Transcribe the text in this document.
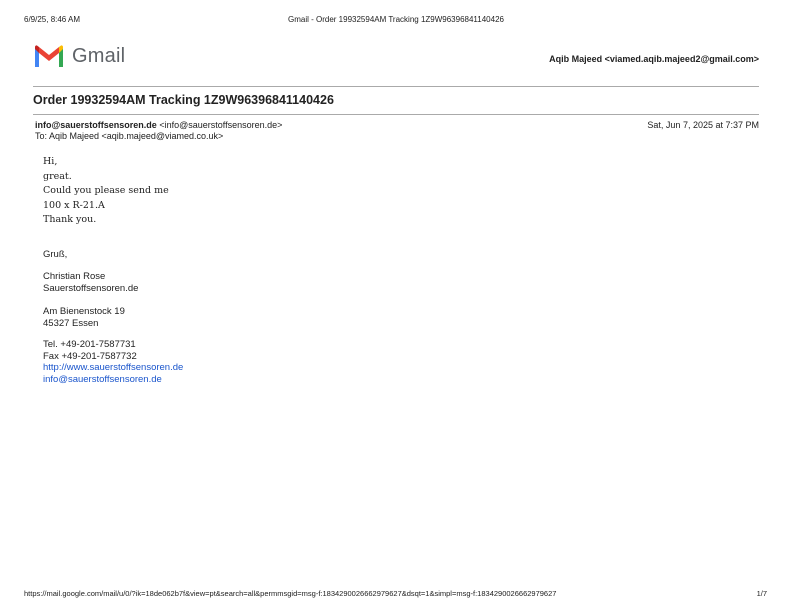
6/9/25, 8:46 AM	Gmail - Order 19932594AM Tracking 1Z9W96396841140426
Gmail	Aqib Majeed <viamed.aqib.majeed2@gmail.com>
Order 19932594AM Tracking 1Z9W96396841140426
info@sauerstoffsensoren.de <info@sauerstoffsensoren.de>	Sat, Jun 7, 2025 at 7:37 PM
To: Aqib Majeed <aqib.majeed@viamed.co.uk>
Hi,
great.
Could you please send me
100 x R-21.A
Thank you.
Gruß,
Christian Rose
Sauerstoffsensoren.de
Am Bienenstock 19
45327 Essen
Tel. +49-201-7587731
Fax +49-201-7587732
http://www.sauerstoffsensoren.de
info@sauerstoffsensoren.de
https://mail.google.com/mail/u/0/?ik=18de062b7f&view=pt&search=all&permmsgid=msg-f:1834290026662979627&dsqt=1&simpl=msg-f:1834290026662979627	1/7
